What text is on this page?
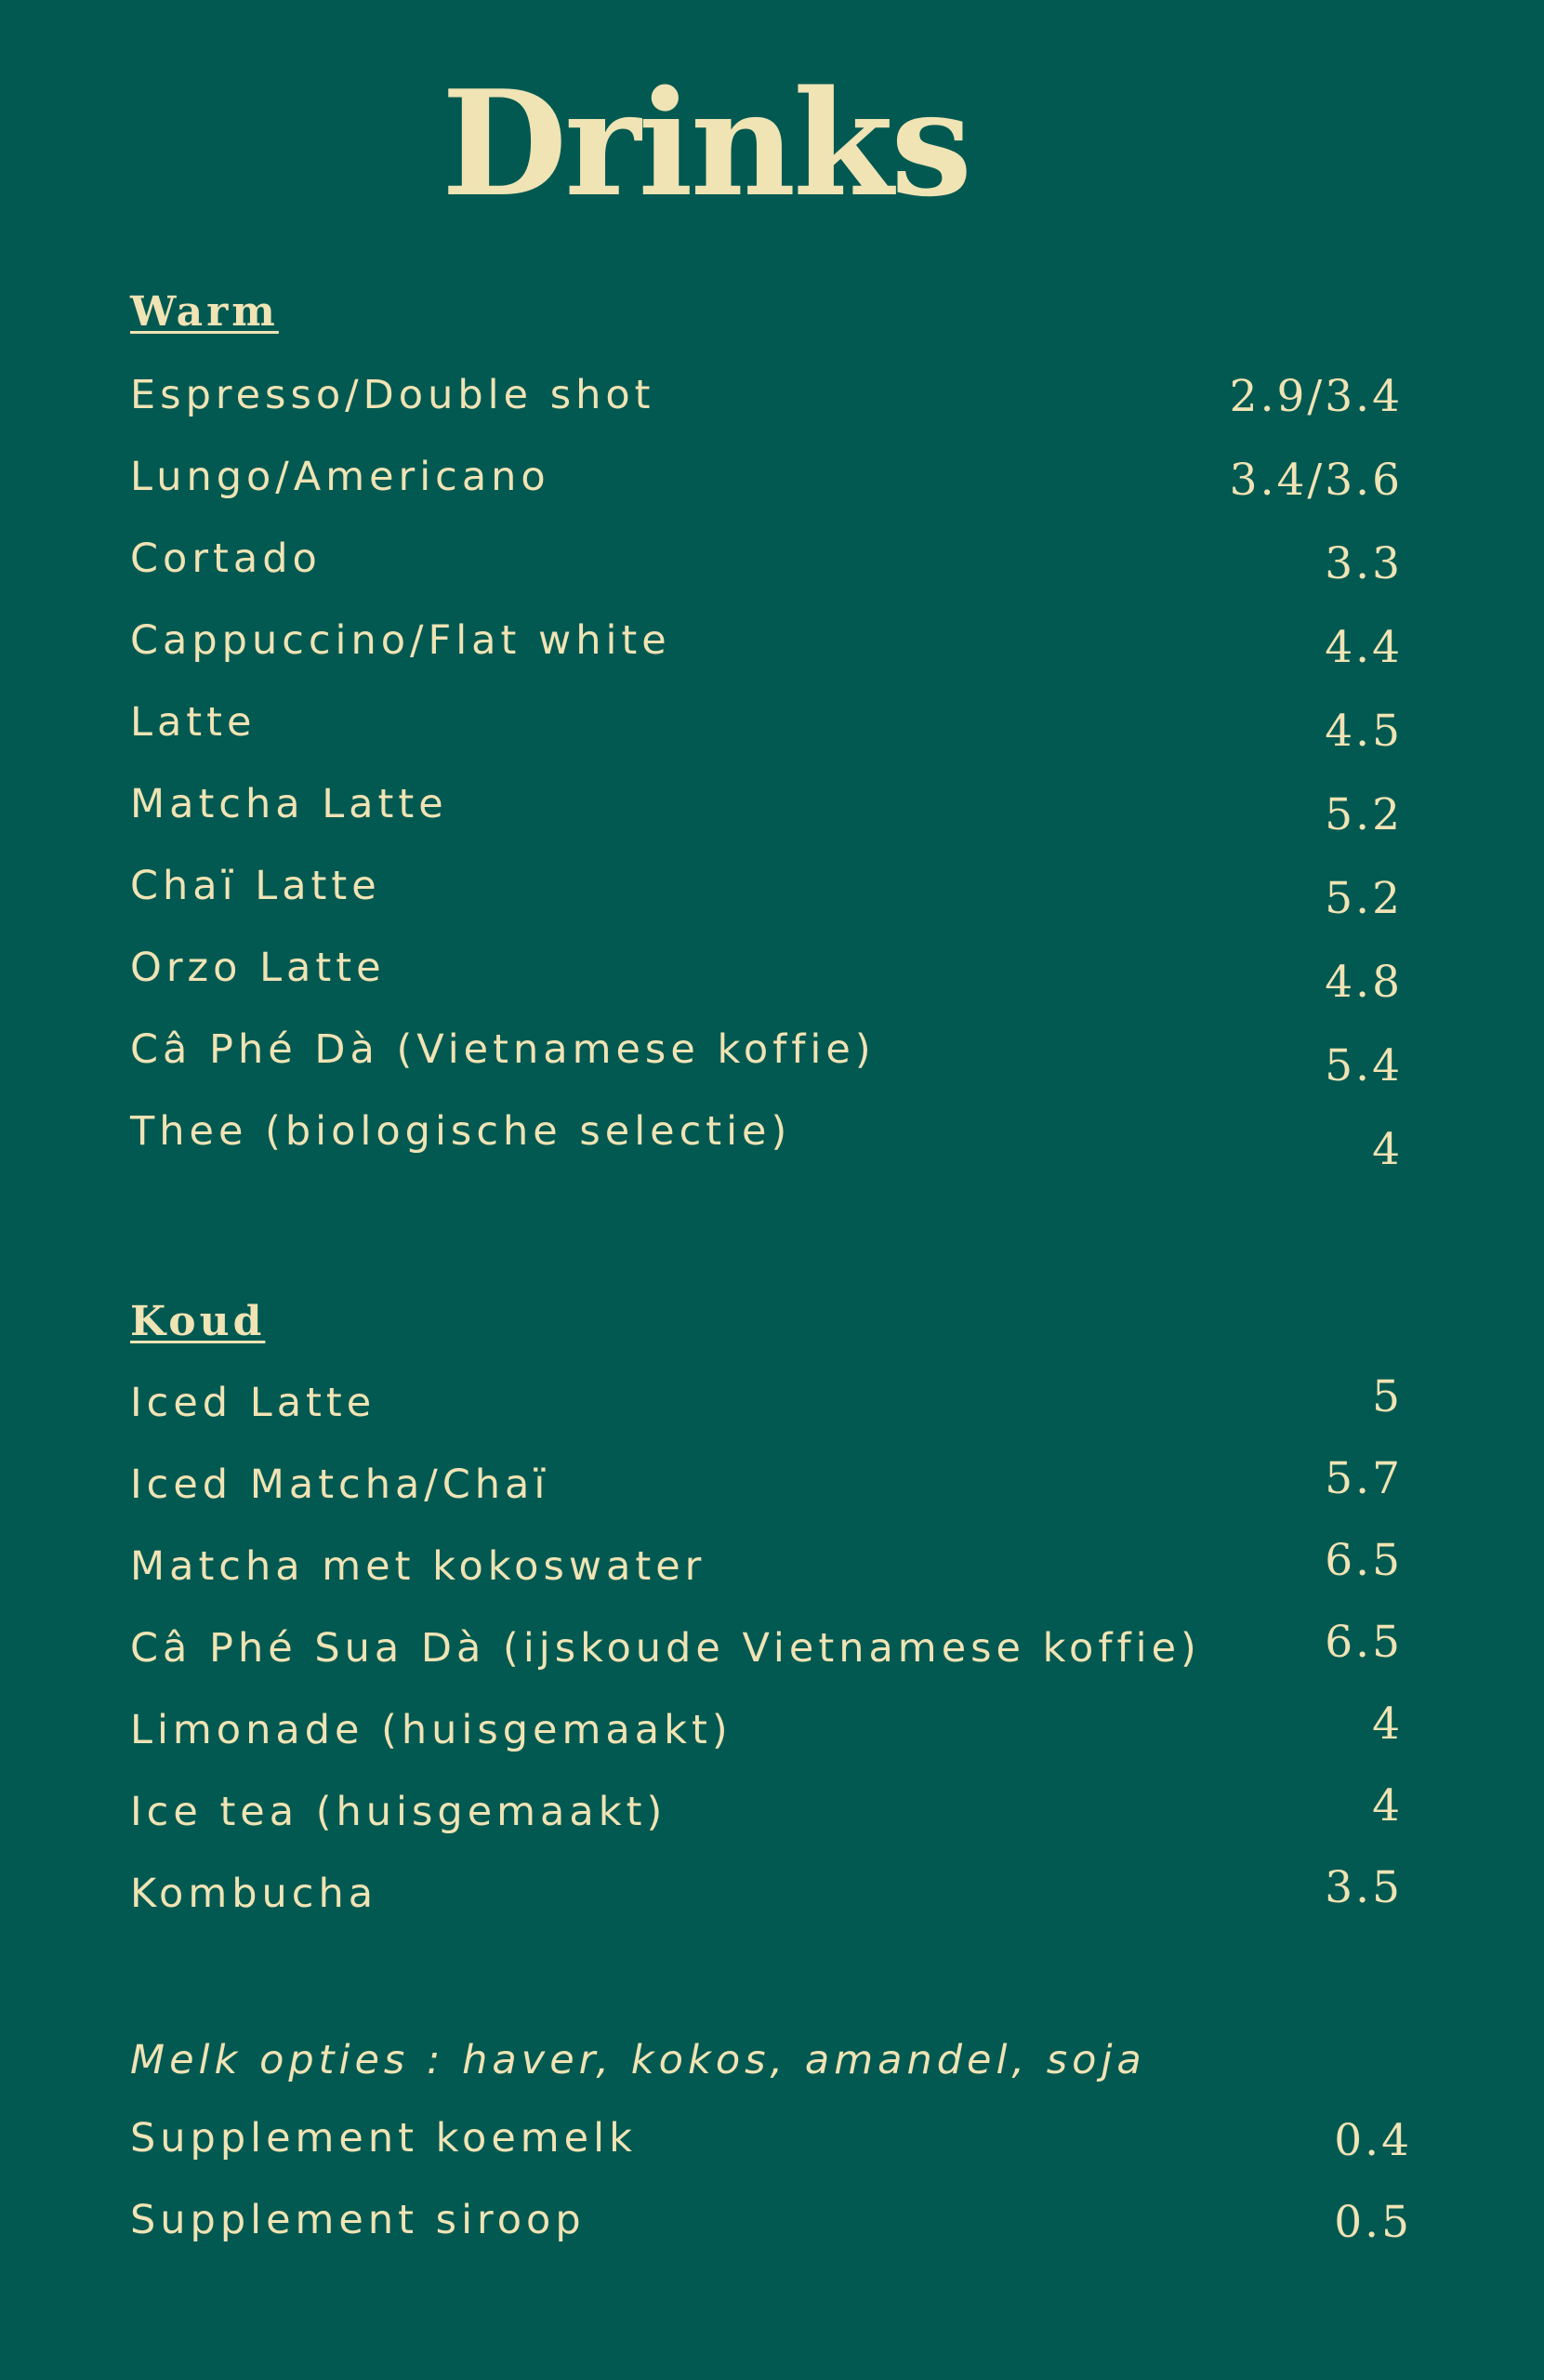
Drinks
Warm
Espresso/Double shot	2.9/3.4
Lungo/Americano	3.4/3.6
Cortado	3.3
Cappuccino/Flat white	4.4
Latte	4.5
Matcha Latte	5.2
Chaï Latte	5.2
Orzo Latte	4.8
Câ Phé Dà (Vietnamese koffie)	5.4
Thee (biologische selectie)	4
Koud
Iced Latte	5
Iced Matcha/Chaï	5.7
Matcha met kokoswater	6.5
Câ Phé Sua Dà (ijskoude Vietnamese koffie)	6.5
Limonade (huisgemaakt)	4
Ice tea (huisgemaakt)	4
Kombucha	3.5
Melk opties : haver, kokos, amandel, soja
Supplement koemelk	0.4
Supplement siroop	0.5
